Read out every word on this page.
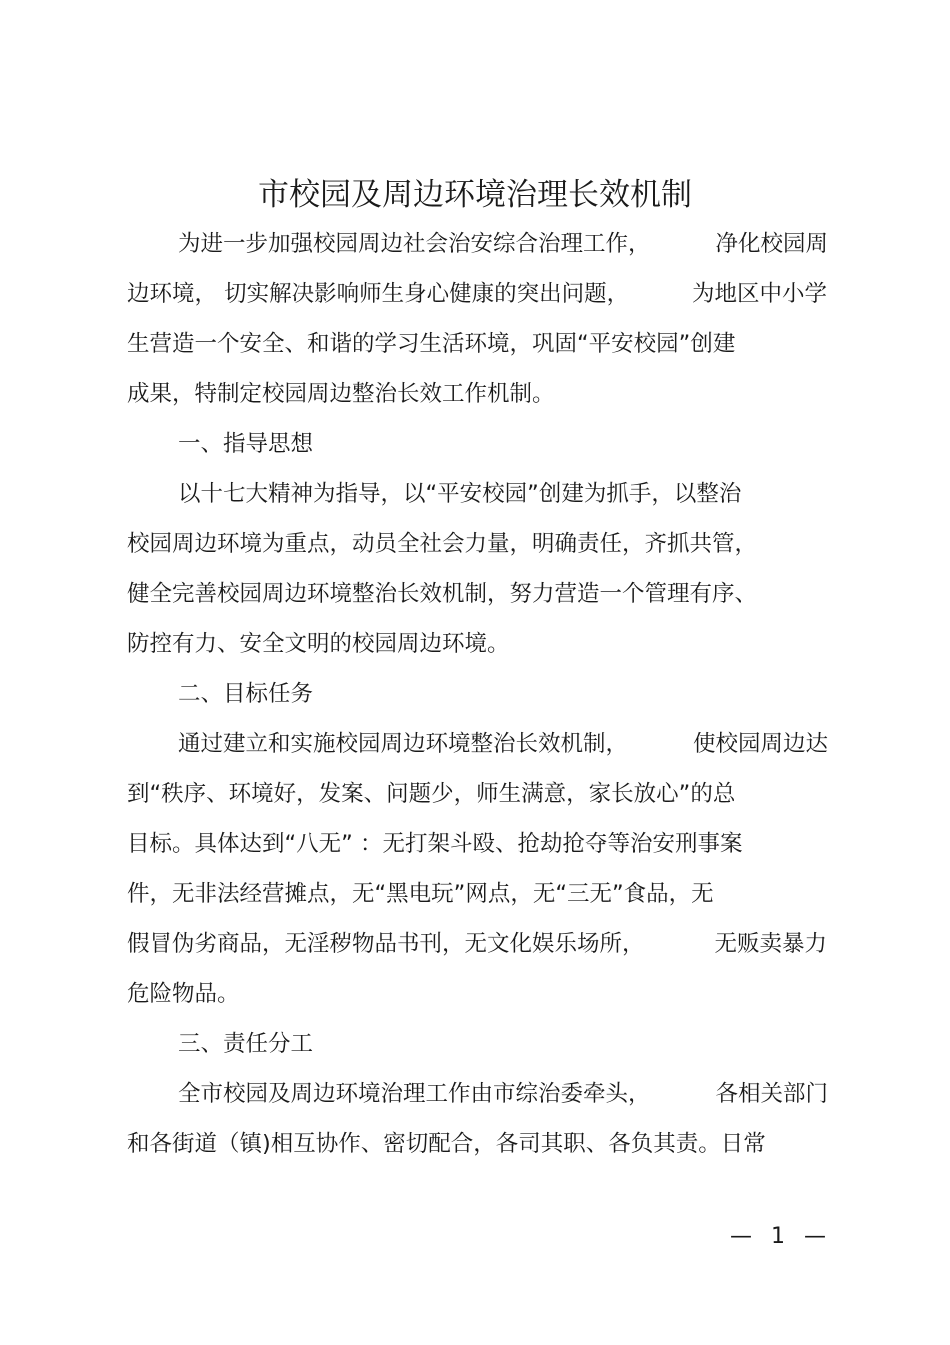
市校园及周边环境治理长效机制
为进一步加强校园周边社会治安综合治理工作，	净化校园周
边环境， 切实解决影响师生身心健康的突出问题，	为地区中小学
生营造一个安全、和谐的学习生活环境，巩固“平安校园”创建
成果，特制定校园周边整治长效工作机制。
一、指导思想
以十七大精神为指导，以“平安校园”创建为抓手，以整治
校园周边环境为重点，动员全社会力量，明确责任，齐抓共管，
健全完善校园周边环境整治长效机制，努力营造一个管理有序、
防控有力、安全文明的校园周边环境。
二、目标任务
通过建立和实施校园周边环境整治长效机制，	使校园周边达
到“秩序、环境好，发案、问题少，师生满意，家长放心”的总
目标。具体达到“八无” ：无打架斗殴、抢劫抢夺等治安刑事案
件，无非法经营摊点，无“黑电玩”网点，无“三无”食品，无
假冒伪劣商品，无淫秽物品书刊，无文化娱乐场所，	无贩卖暴力
危险物品。
三、责任分工
全市校园及周边环境治理工作由市综治委牵头，	各相关部门
和各街道（镇)相互协作、密切配合，各司其职、各负其责。日常
— 1 —
